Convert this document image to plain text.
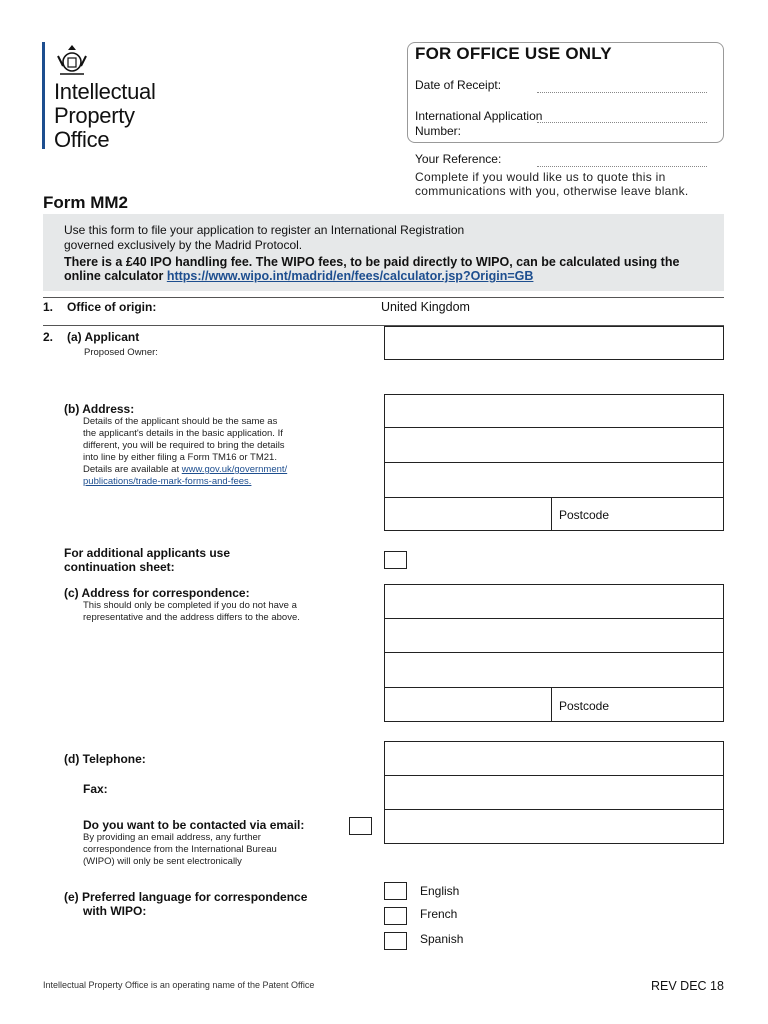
Intellectual
Property
Office
FOR OFFICE USE ONLY
Date of Receipt:
International Application
Number:
Your Reference:
Complete if you would like us to quote this in
communications with you, otherwise leave blank.
Form MM2
Use this form to file your application to register an International Registration
governed exclusively by the Madrid Protocol.
There is a £40 IPO handling fee. The WIPO fees, to be paid directly to WIPO, can be calculated using the
online calculator https://www.wipo.int/madrid/en/fees/calculator.jsp?Origin=GB
1. Office of origin:	United Kingdom
2. (a) Applicant
Proposed Owner:
(b) Address:
Details of the applicant should be the same as
the applicant's details in the basic application. If
different, you will be required to bring the details
into line by either filing a Form TM16 or TM21.
Details are available at www.gov.uk/government/
publications/trade-mark-forms-and-fees.
Postcode
For additional applicants use
continuation sheet:
(c) Address for correspondence:
This should only be completed if you do not have a
representative and the address differs to the above.
Postcode
(d) Telephone:
Fax:
Do you want to be contacted via email:
By providing an email address, any further
correspondence from the International Bureau
(WIPO) will only be sent electronically
(e) Preferred language for correspondence
with WIPO:
English
French
Spanish
Intellectual Property Office is an operating name of the Patent Office	REV DEC 18
